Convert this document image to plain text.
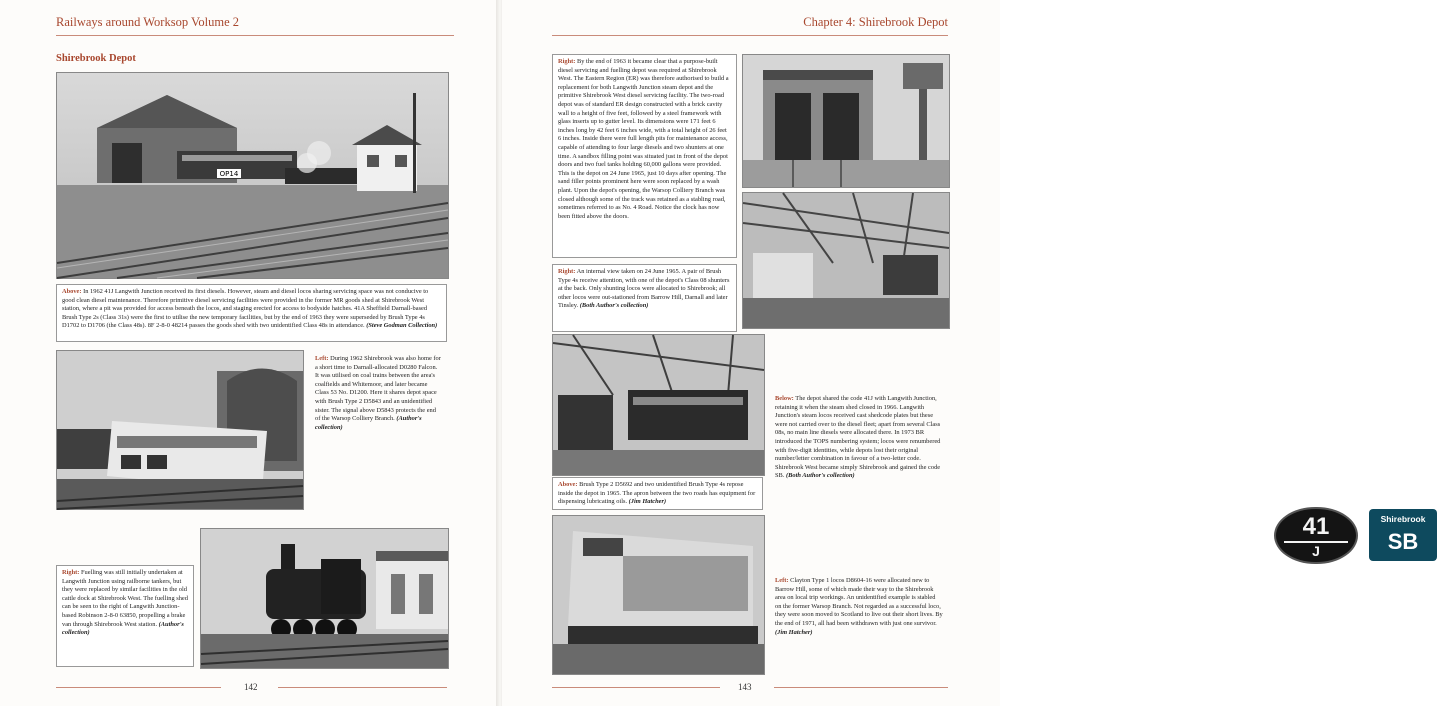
Railways around Worksop Volume 2
Shirebrook Depot
OP14
Above: In 1962 41J Langwith Junction received its first diesels. However, steam and diesel locos sharing servicing space was not conducive to good clean diesel maintenance. Therefore primitive diesel servicing facilities were provided in the former MR goods shed at Shirebrook West station, where a pit was provided for access beneath the locos, and staging erected for access to bodyside hatches. 41A Sheffield Darnall-based Brush Type 2s (Class 31s) were the first to utilise the new temporary facilities, but by the end of 1963 they were superseded by Brush Type 4s D1702 to D1706 (the Class 48s). 8F 2-8-0 48214 passes the goods shed with two unidentified Class 48s in attendance. (Steve Godman Collection)
Left: During 1962 Shirebrook was also home for a short time to Darnall-allocated D0280 Falcon. It was utilised on coal trains between the area's coalfields and Whitemoor, and later became Class 53 No. D1200. Here it shares depot space with Brush Type 2 D5843 and an unidentified sister. The signal above D5843 protects the end of the Warsop Colliery Branch. (Author's collection)
Right: Fuelling was still initially undertaken at Langwith Junction using railborne tankers, but they were replaced by similar facilities in the old cattle dock at Shirebrook West. The fuelling shed can be seen to the right of Langwith Junction-based Robinson 2-8-0 63850, propelling a brake van through Shirebrook West station. (Author's collection)
142
Chapter 4: Shirebrook Depot
Right: By the end of 1963 it became clear that a purpose-built diesel servicing and fuelling depot was required at Shirebrook West. The Eastern Region (ER) was therefore authorised to build a replacement for both Langwith Junction steam depot and the primitive Shirebrook West diesel servicing facility. The two-road depot was of standard ER design constructed with a brick cavity wall to a height of five feet, followed by a steel framework with glass inserts up to gutter level. Its dimensions were 171 feet 6 inches long by 42 feet 6 inches wide, with a total height of 26 feet 6 inches. Inside there were full length pits for maintenance access, capable of attending to four large diesels and two shunters at one time. A sandbox filling point was situated just in front of the depot doors and two fuel tanks holding 60,000 gallons were provided. This is the depot on 24 June 1965, just 10 days after opening. The sand filler points prominent here were soon replaced by a wash plant. Upon the depot's opening, the Warsop Colliery Branch was closed although some of the track was retained as a stabling road, sometimes referred to as No. 4 Road. Notice the clock has now been fitted above the doors.
Right: An internal view taken on 24 June 1965. A pair of Brush Type 4s receive attention, with one of the depot's Class 08 shunters at the back. Only shunting locos were allocated to Shirebrook; all other locos were out-stationed from Barrow Hill, Darnall and later Tinsley. (Both Author's collection)
Below: The depot shared the code 41J with Langwith Junction, retaining it when the steam shed closed in 1966. Langwith Junction's steam locos received cast shedcode plates but these were not carried over to the diesel fleet; apart from several Class 08s, no main line diesels were allocated there. In 1973 BR introduced the TOPS numbering system; locos were renumbered with five-digit identities, while depots lost their original number/letter combination in favour of a two-letter code. Shirebrook West became simply Shirebrook and gained the code SB. (Both Author's collection)
Above: Brush Type 2 D5692 and two unidentified Brush Type 4s repose inside the depot in 1965. The apron between the two roads has equipment for dispensing lubricating oils. (Jim Hatcher)
41
J
Shirebrook
SB
Left: Clayton Type 1 locos D8604-16 were allocated new to Barrow Hill, some of which made their way to the Shirebrook area on local trip workings. An unidentified example is stabled on the former Warsop Branch. Not regarded as a successful loco, they were soon moved to Scotland to live out their short lives. By the end of 1971, all had been withdrawn with just one survivor. (Jim Hatcher)
143
